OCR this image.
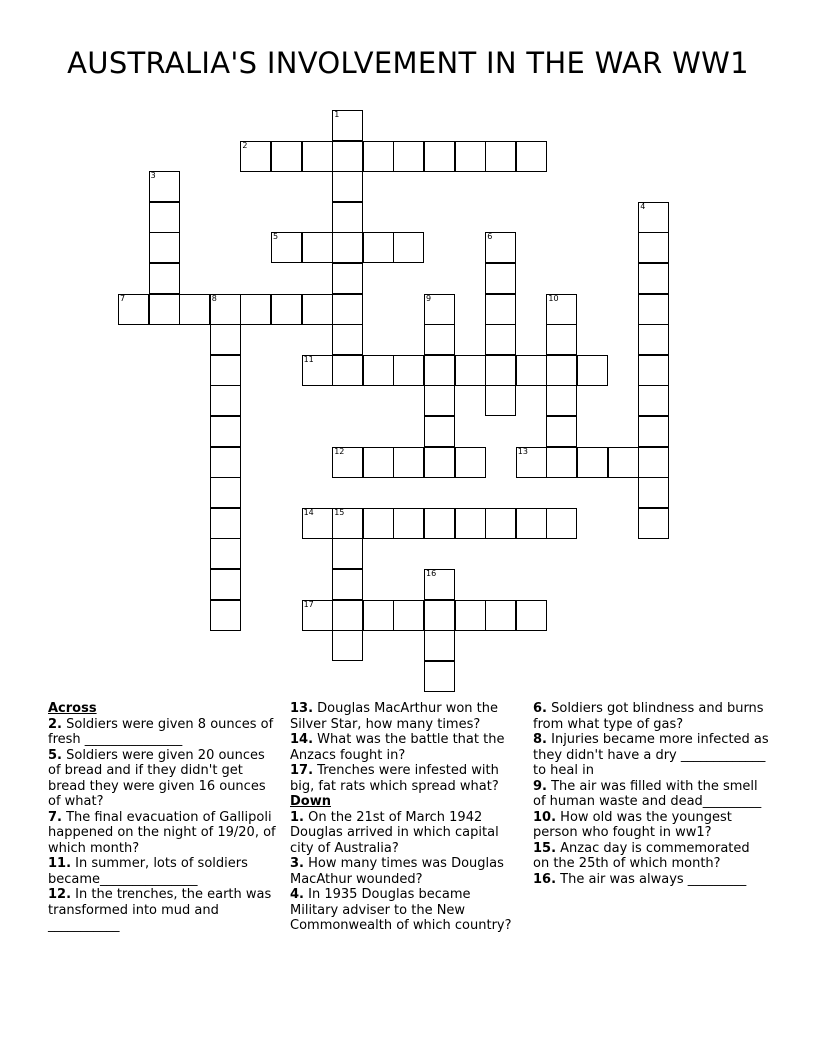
AUSTRALIA'S INVOLVEMENT IN THE WAR WW1
1
2
3
4
5	6
7	8	9	10
11
12	13
14	15
16
17

Across

2. Soldiers were given 8 ounces of fresh _______________

5. Soldiers were given 20 ounces of bread and if they didn't get bread they were given 16 ounces of what?

7. The final evacuation of Gallipoli happened on the night of 19/20, of which month?

11. In summer, lots of soldiers became_______________

12. In the trenches, the earth was transformed into mud and ___________

13. Douglas MacArthur won the Silver Star, how many times?

14. What was the battle that the Anzacs fought in?

17. Trenches were infested with big, fat rats which spread what?

Down

1. On the 21st of March 1942 Douglas arrived in which capital city of Australia?

3. How many times was Douglas MacAthur wounded?

4. In 1935 Douglas became Military adviser to the New Commonwealth of which country?

6. Soldiers got blindness and burns from what type of gas?

8. Injuries became more infected as they didn't have a dry _____________ to heal in

9. The air was filled with the smell of human waste and dead_________

10. How old was the youngest person who fought in ww1?

15. Anzac day is commemorated on the 25th of which month?

16. The air was always _________
